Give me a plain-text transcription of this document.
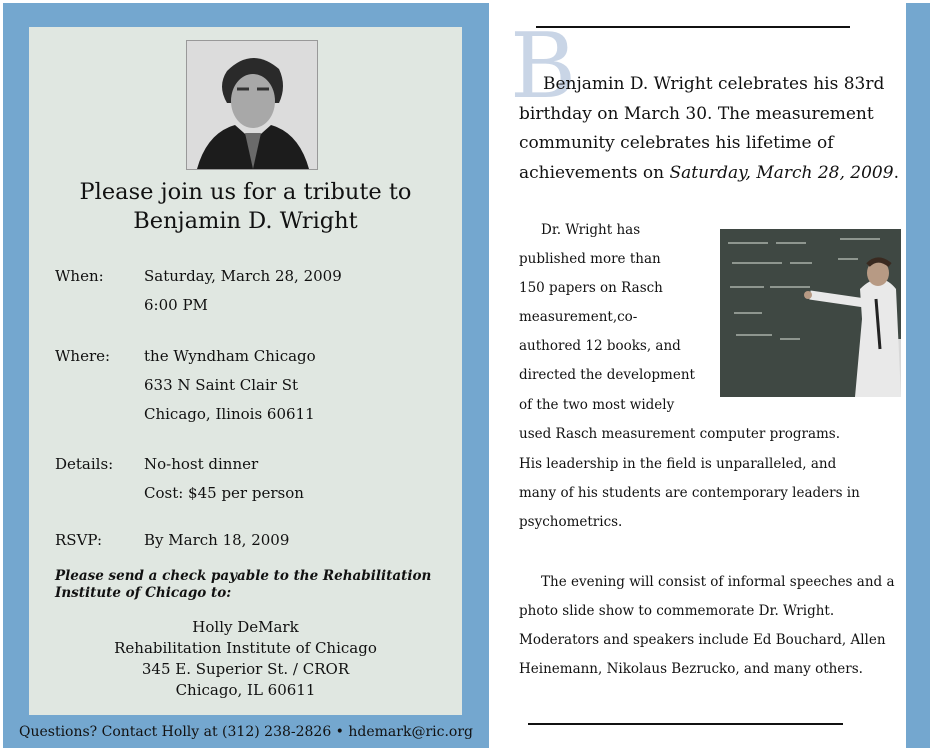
Please join us for a tribute to
Benjamin D. Wright
When:	Saturday, March 28, 2009
6:00 PM
Where: the Wyndham Chicago
633 N Saint Clair St
Chicago, Ilinois 60611
Details: No-host dinner
Cost: $45 per person
RSVP:	By March 18, 2009
Please send a check payable to the Rehabilitation Institute of Chicago to:
Holly DeMark
Rehabilitation Institute of Chicago
345 E. Superior St. / CROR
Chicago, IL 60611
Questions? Contact Holly at (312) 238-2826 • hdemark@ric.org
B
Benjamin D. Wright celebrates his 83rd birthday on March 30. The measurement community celebrates his lifetime of achievements on Saturday, March 28, 2009.
Dr. Wright has
published more than
150 papers on Rasch
measurement,co-
authored 12 books, and
directed the development
of the two most widely
used Rasch measurement computer programs.
His leadership in the field is unparalleled, and
many of his students are contemporary leaders in
psychometrics.
The evening will consist of informal speeches and a photo slide show to commemorate Dr. Wright. Moderators and speakers include Ed Bouchard, Allen Heinemann, Nikolaus Bezrucko, and many others.
